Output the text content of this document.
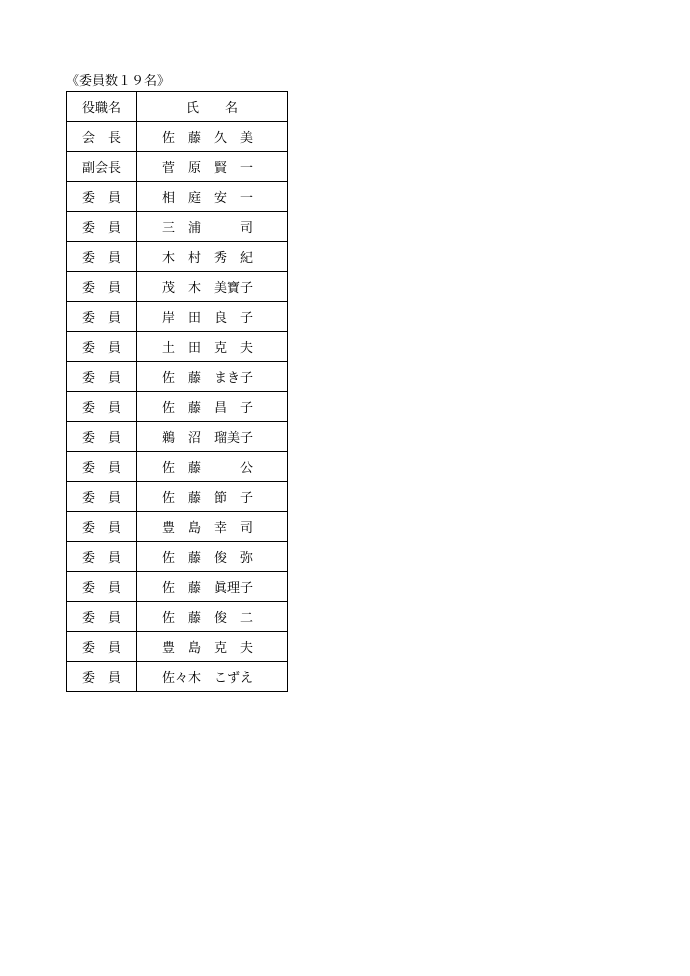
《委員数１９名》
役職名	氏　　名
会　長	佐　藤　久　美
副会長	菅　原　賢　一
委　員	相　庭　安　一
委　員	三　浦　　　司
委　員	木　村　秀　紀
委　員	茂　木　美寶子
委　員	岸　田　良　子
委　員	土　田　克　夫
委　員	佐　藤　まき子
委　員	佐　藤　昌　子
委　員	鵜　沼　瑠美子
委　員	佐　藤　　　公
委　員	佐　藤　節　子
委　員	豊　島　幸　司
委　員	佐　藤　俊　弥
委　員	佐　藤　眞理子
委　員	佐　藤　俊　二
委　員	豊　島　克　夫
委　員	佐々木　こずえ
